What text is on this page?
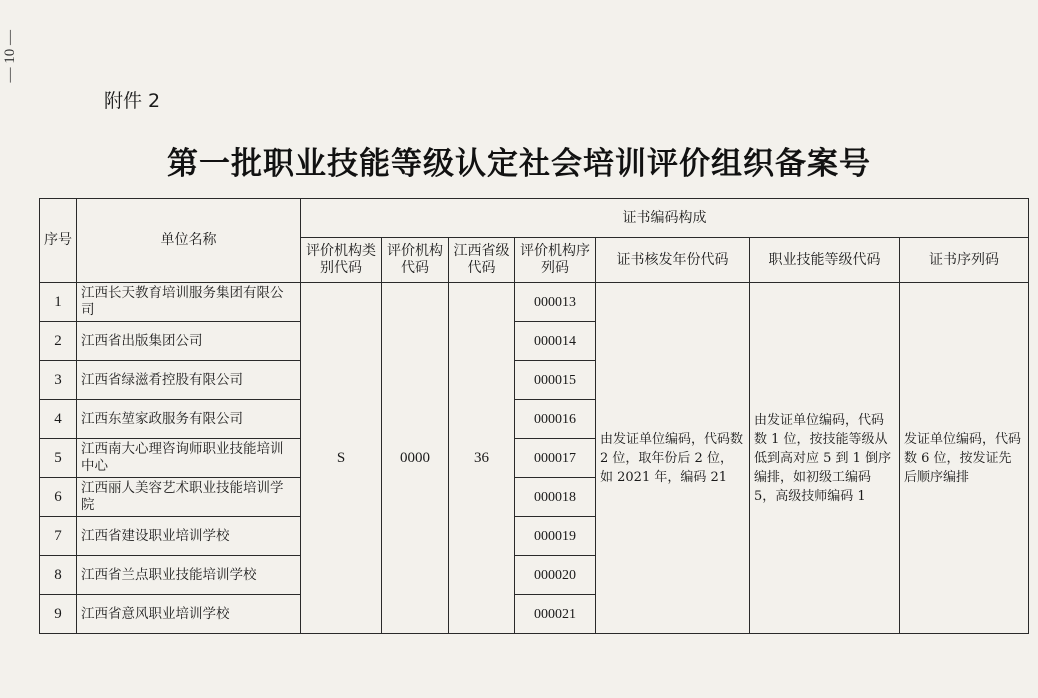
— 10 —
附件 2
第一批职业技能等级认定社会培训评价组织备案号
序号	单位名称	证书编码构成						
		评价机构类别代码	评价机构代码	江西省级代码	评价机构序列码	证书核发年份代码	职业技能等级代码	证书序列码
1	江西长天教育培训服务集团有限公司	S	0000	36	000013	由发证单位编码，代码数 2 位，取年份后 2 位，如 2021 年，编码 21	由发证单位编码，代码数 1 位，按技能等级从低到高对应 5 到 1 倒序编排，如初级工编码 5，高级技师编码 1	发证单位编码，代码数 6 位，按发证先后顺序编排
2	江西省出版集团公司				000014			
3	江西省绿滋肴控股有限公司				000015			
4	江西东堃家政服务有限公司				000016			
5	江西南大心理咨询师职业技能培训中心				000017			
6	江西丽人美容艺术职业技能培训学院				000018			
7	江西省建设职业培训学校				000019			
8	江西省兰点职业技能培训学校				000020			
9	江西省意风职业培训学校				000021			
